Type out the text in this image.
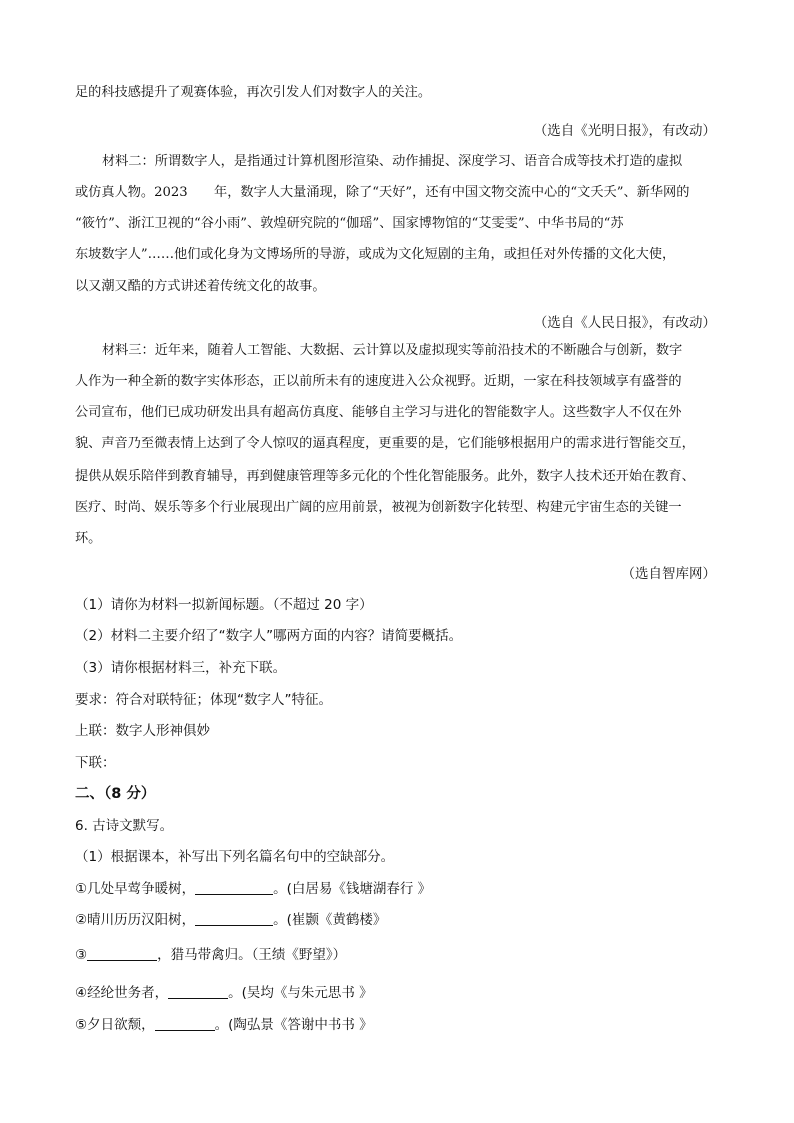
足的科技感提升了观赛体验，再次引发人们对数字人的关注。
（选自《光明日报》，有改动）
材料二：所谓数字人，是指通过计算机图形渲染、动作捕捉、深度学习、语音合成等技术打造的虚拟
或仿真人物。2023　　年，数字人大量涌现，除了“天好”，还有中国文物交流中心的“文夭夭”、新华网的
“筱竹”、浙江卫视的“谷小雨”、敦煌研究院的“伽瑶”、国家博物馆的“艾雯雯”、中华书局的“苏
东坡数字人”……他们或化身为文博场所的导游，或成为文化短剧的主角，或担任对外传播的文化大使，
以又潮又酷的方式讲述着传统文化的故事。
（选自《人民日报》，有改动）
材料三：近年来，随着人工智能、大数据、云计算以及虚拟现实等前沿技术的不断融合与创新，数字
人作为一种全新的数字实体形态，正以前所未有的速度进入公众视野。近期，一家在科技领域享有盛誉的
公司宣布，他们已成功研发出具有超高仿真度、能够自主学习与进化的智能数字人。这些数字人不仅在外
貌、声音乃至微表情上达到了令人惊叹的逼真程度，更重要的是，它们能够根据用户的需求进行智能交互，
提供从娱乐陪伴到教育辅导，再到健康管理等多元化的个性化智能服务。此外，数字人技术还开始在教育、
医疗、时尚、娱乐等多个行业展现出广阔的应用前景，被视为创新数字化转型、构建元宇宙生态的关键一
环。
（选自智库网）
（1）请你为材料一拟新闻标题。（不超过 20 字）
（2）材料二主要介绍了“数字人”哪两方面的内容？请简要概括。
（3）请你根据材料三，补充下联。
要求：符合对联特征；体现“数字人”特征。
上联：数字人形神俱妙
下联：
二、（8 分）
6. 古诗文默写。
（1）根据课本，补写出下列名篇名句中的空缺部分。
①几处早莺争暖树，	。(白居易《钱塘湖春行 》
②晴川历历汉阳树，	。(崔颢《黄鹤楼》
③	，猎马带禽归。（王绩《野望》）
④经纶世务者，	。(吴均《与朱元思书 》
⑤夕日欲颓，	。(陶弘景《答谢中书书 》
